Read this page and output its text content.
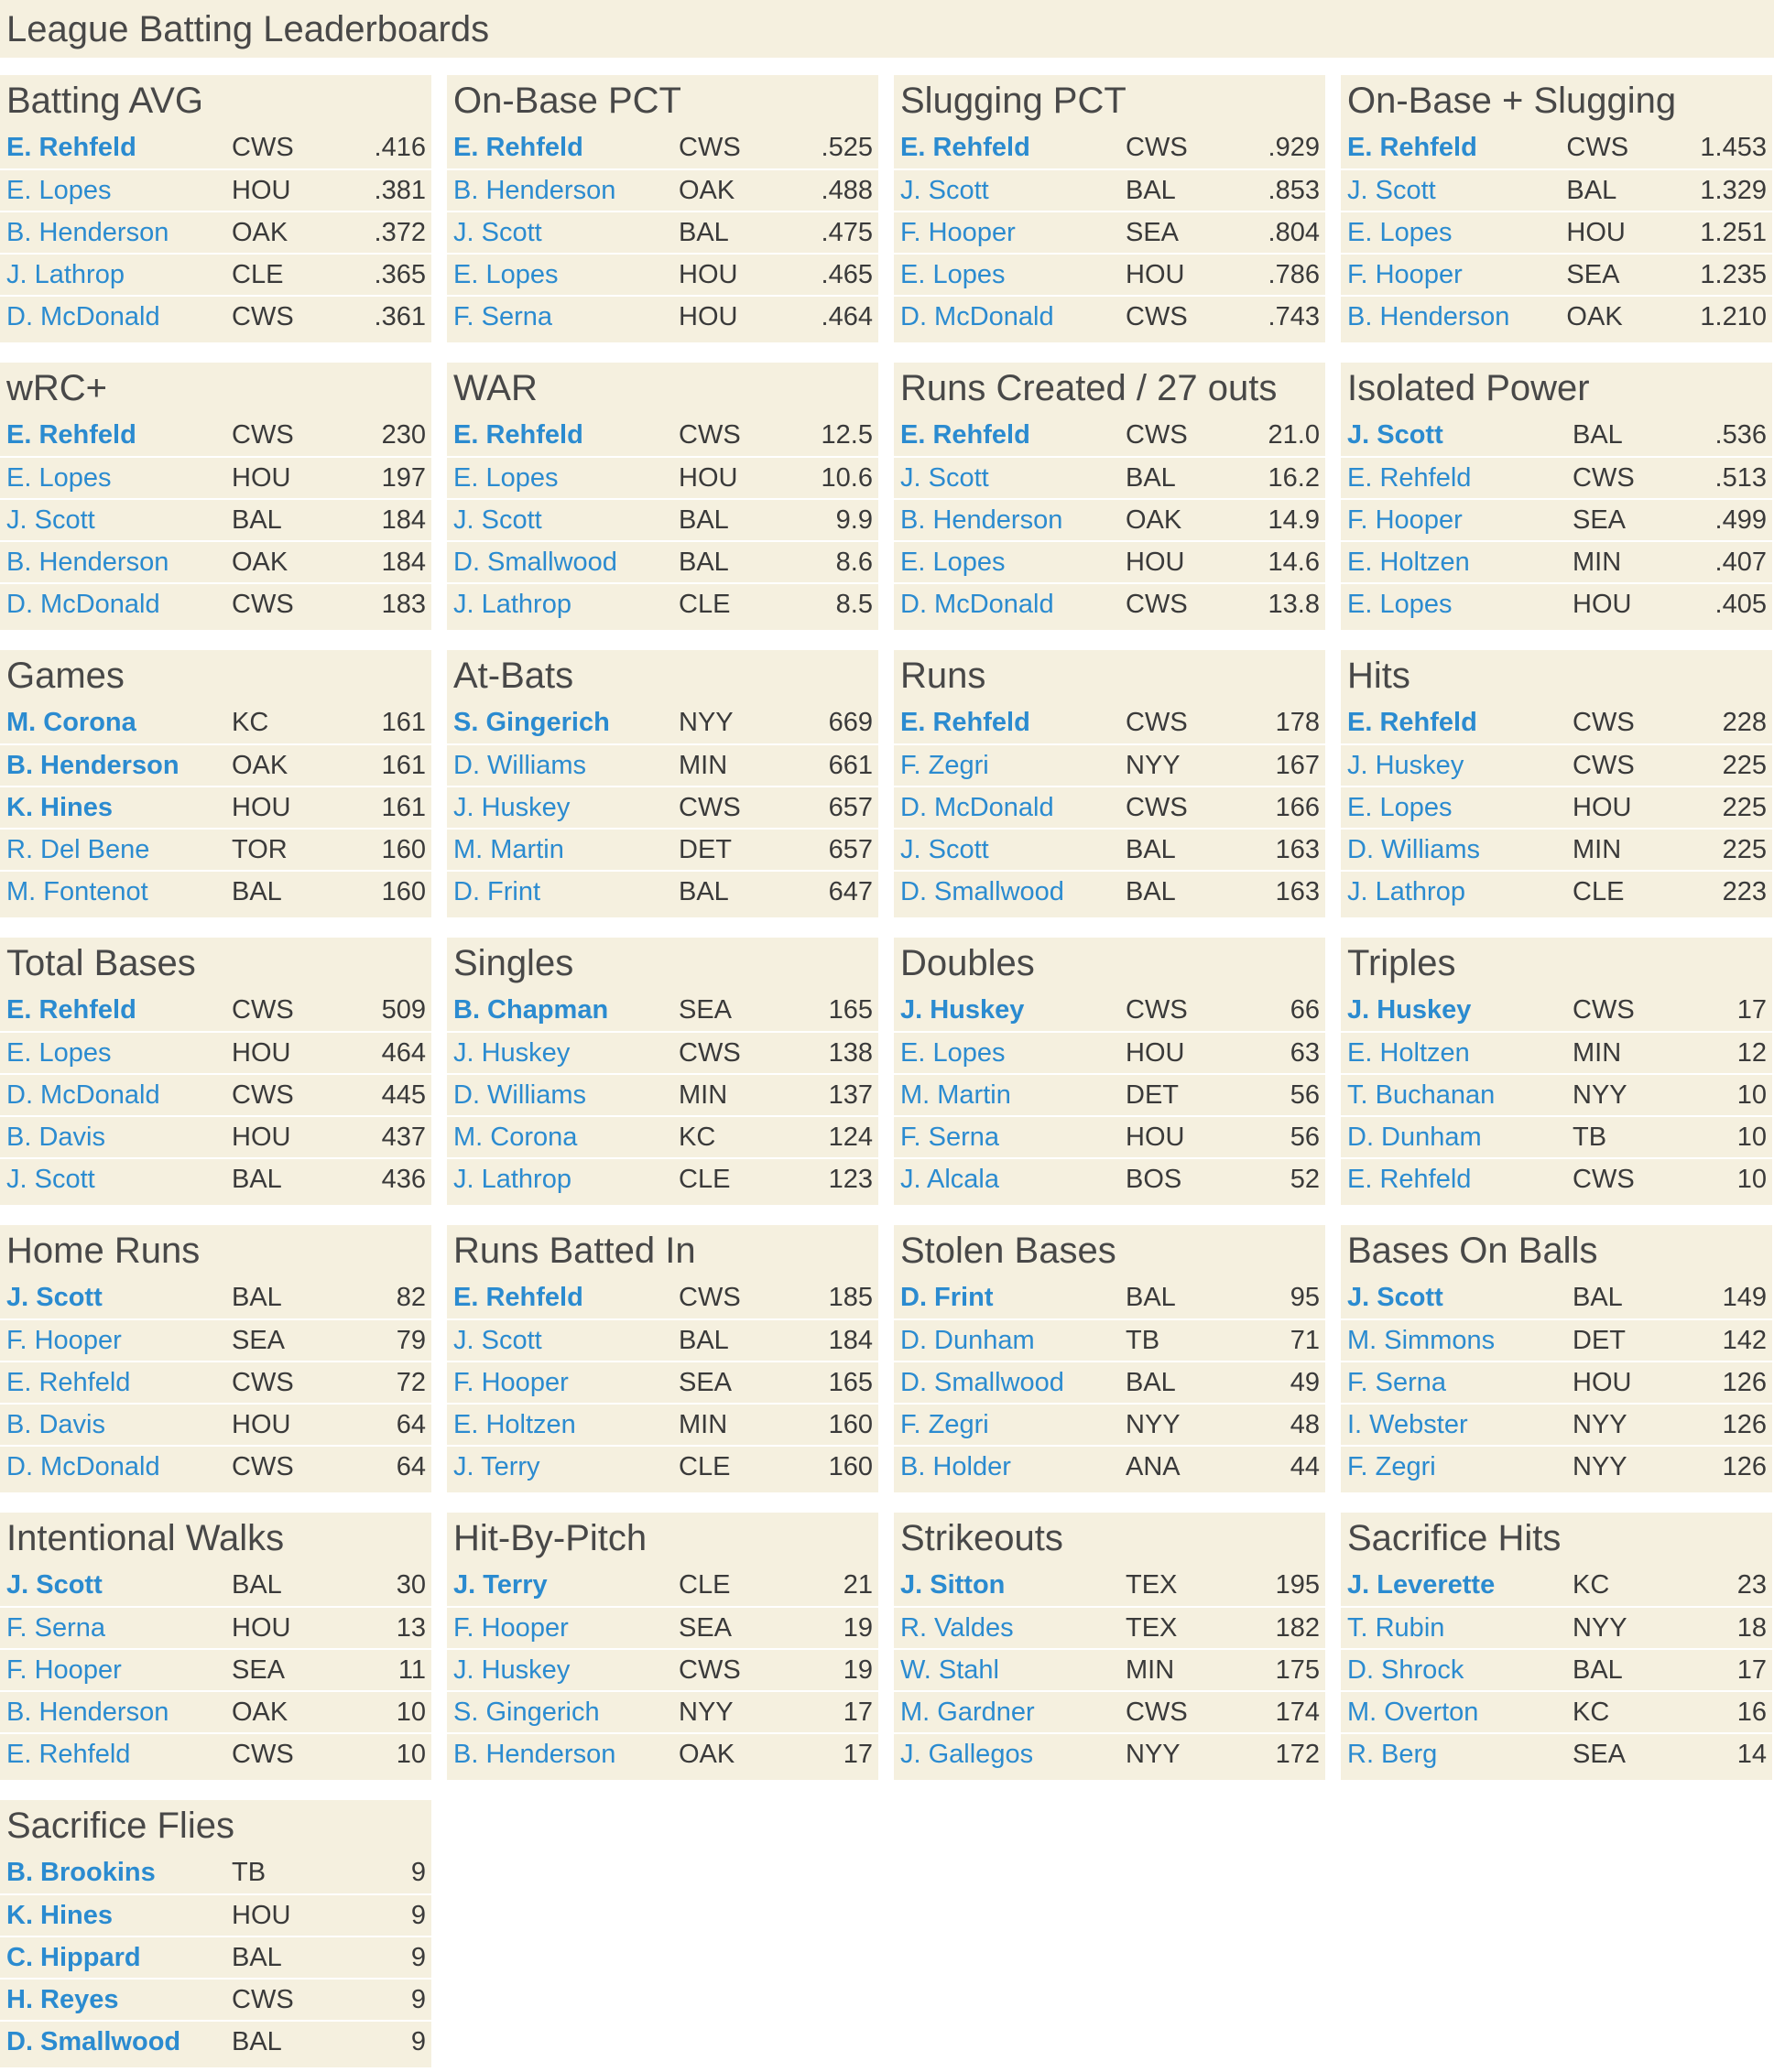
League Batting Leaderboards
Batting AVG
E. Rehfeld	CWS	.416
E. Lopes	HOU	.381
B. Henderson	OAK	.372
J. Lathrop	CLE	.365
D. McDonald	CWS	.361
On-Base PCT
E. Rehfeld	CWS	.525
B. Henderson	OAK	.488
J. Scott	BAL	.475
E. Lopes	HOU	.465
F. Serna	HOU	.464
Slugging PCT
E. Rehfeld	CWS	.929
J. Scott	BAL	.853
F. Hooper	SEA	.804
E. Lopes	HOU	.786
D. McDonald	CWS	.743
On-Base + Slugging
E. Rehfeld	CWS	1.453
J. Scott	BAL	1.329
E. Lopes	HOU	1.251
F. Hooper	SEA	1.235
B. Henderson	OAK	1.210
wRC+
E. Rehfeld	CWS	230
E. Lopes	HOU	197
J. Scott	BAL	184
B. Henderson	OAK	184
D. McDonald	CWS	183
WAR
E. Rehfeld	CWS	12.5
E. Lopes	HOU	10.6
J. Scott	BAL	9.9
D. Smallwood	BAL	8.6
J. Lathrop	CLE	8.5
Runs Created / 27 outs
E. Rehfeld	CWS	21.0
J. Scott	BAL	16.2
B. Henderson	OAK	14.9
E. Lopes	HOU	14.6
D. McDonald	CWS	13.8
Isolated Power
J. Scott	BAL	.536
E. Rehfeld	CWS	.513
F. Hooper	SEA	.499
E. Holtzen	MIN	.407
E. Lopes	HOU	.405
Games
M. Corona	KC	161
B. Henderson	OAK	161
K. Hines	HOU	161
R. Del Bene	TOR	160
M. Fontenot	BAL	160
At-Bats
S. Gingerich	NYY	669
D. Williams	MIN	661
J. Huskey	CWS	657
M. Martin	DET	657
D. Frint	BAL	647
Runs
E. Rehfeld	CWS	178
F. Zegri	NYY	167
D. McDonald	CWS	166
J. Scott	BAL	163
D. Smallwood	BAL	163
Hits
E. Rehfeld	CWS	228
J. Huskey	CWS	225
E. Lopes	HOU	225
D. Williams	MIN	225
J. Lathrop	CLE	223
Total Bases
E. Rehfeld	CWS	509
E. Lopes	HOU	464
D. McDonald	CWS	445
B. Davis	HOU	437
J. Scott	BAL	436
Singles
B. Chapman	SEA	165
J. Huskey	CWS	138
D. Williams	MIN	137
M. Corona	KC	124
J. Lathrop	CLE	123
Doubles
J. Huskey	CWS	66
E. Lopes	HOU	63
M. Martin	DET	56
F. Serna	HOU	56
J. Alcala	BOS	52
Triples
J. Huskey	CWS	17
E. Holtzen	MIN	12
T. Buchanan	NYY	10
D. Dunham	TB	10
E. Rehfeld	CWS	10
Home Runs
J. Scott	BAL	82
F. Hooper	SEA	79
E. Rehfeld	CWS	72
B. Davis	HOU	64
D. McDonald	CWS	64
Runs Batted In
E. Rehfeld	CWS	185
J. Scott	BAL	184
F. Hooper	SEA	165
E. Holtzen	MIN	160
J. Terry	CLE	160
Stolen Bases
D. Frint	BAL	95
D. Dunham	TB	71
D. Smallwood	BAL	49
F. Zegri	NYY	48
B. Holder	ANA	44
Bases On Balls
J. Scott	BAL	149
M. Simmons	DET	142
F. Serna	HOU	126
I. Webster	NYY	126
F. Zegri	NYY	126
Intentional Walks
J. Scott	BAL	30
F. Serna	HOU	13
F. Hooper	SEA	11
B. Henderson	OAK	10
E. Rehfeld	CWS	10
Hit-By-Pitch
J. Terry	CLE	21
F. Hooper	SEA	19
J. Huskey	CWS	19
S. Gingerich	NYY	17
B. Henderson	OAK	17
Strikeouts
J. Sitton	TEX	195
R. Valdes	TEX	182
W. Stahl	MIN	175
M. Gardner	CWS	174
J. Gallegos	NYY	172
Sacrifice Hits
J. Leverette	KC	23
T. Rubin	NYY	18
D. Shrock	BAL	17
M. Overton	KC	16
R. Berg	SEA	14
Sacrifice Flies
B. Brookins	TB	9
K. Hines	HOU	9
C. Hippard	BAL	9
H. Reyes	CWS	9
D. Smallwood	BAL	9
